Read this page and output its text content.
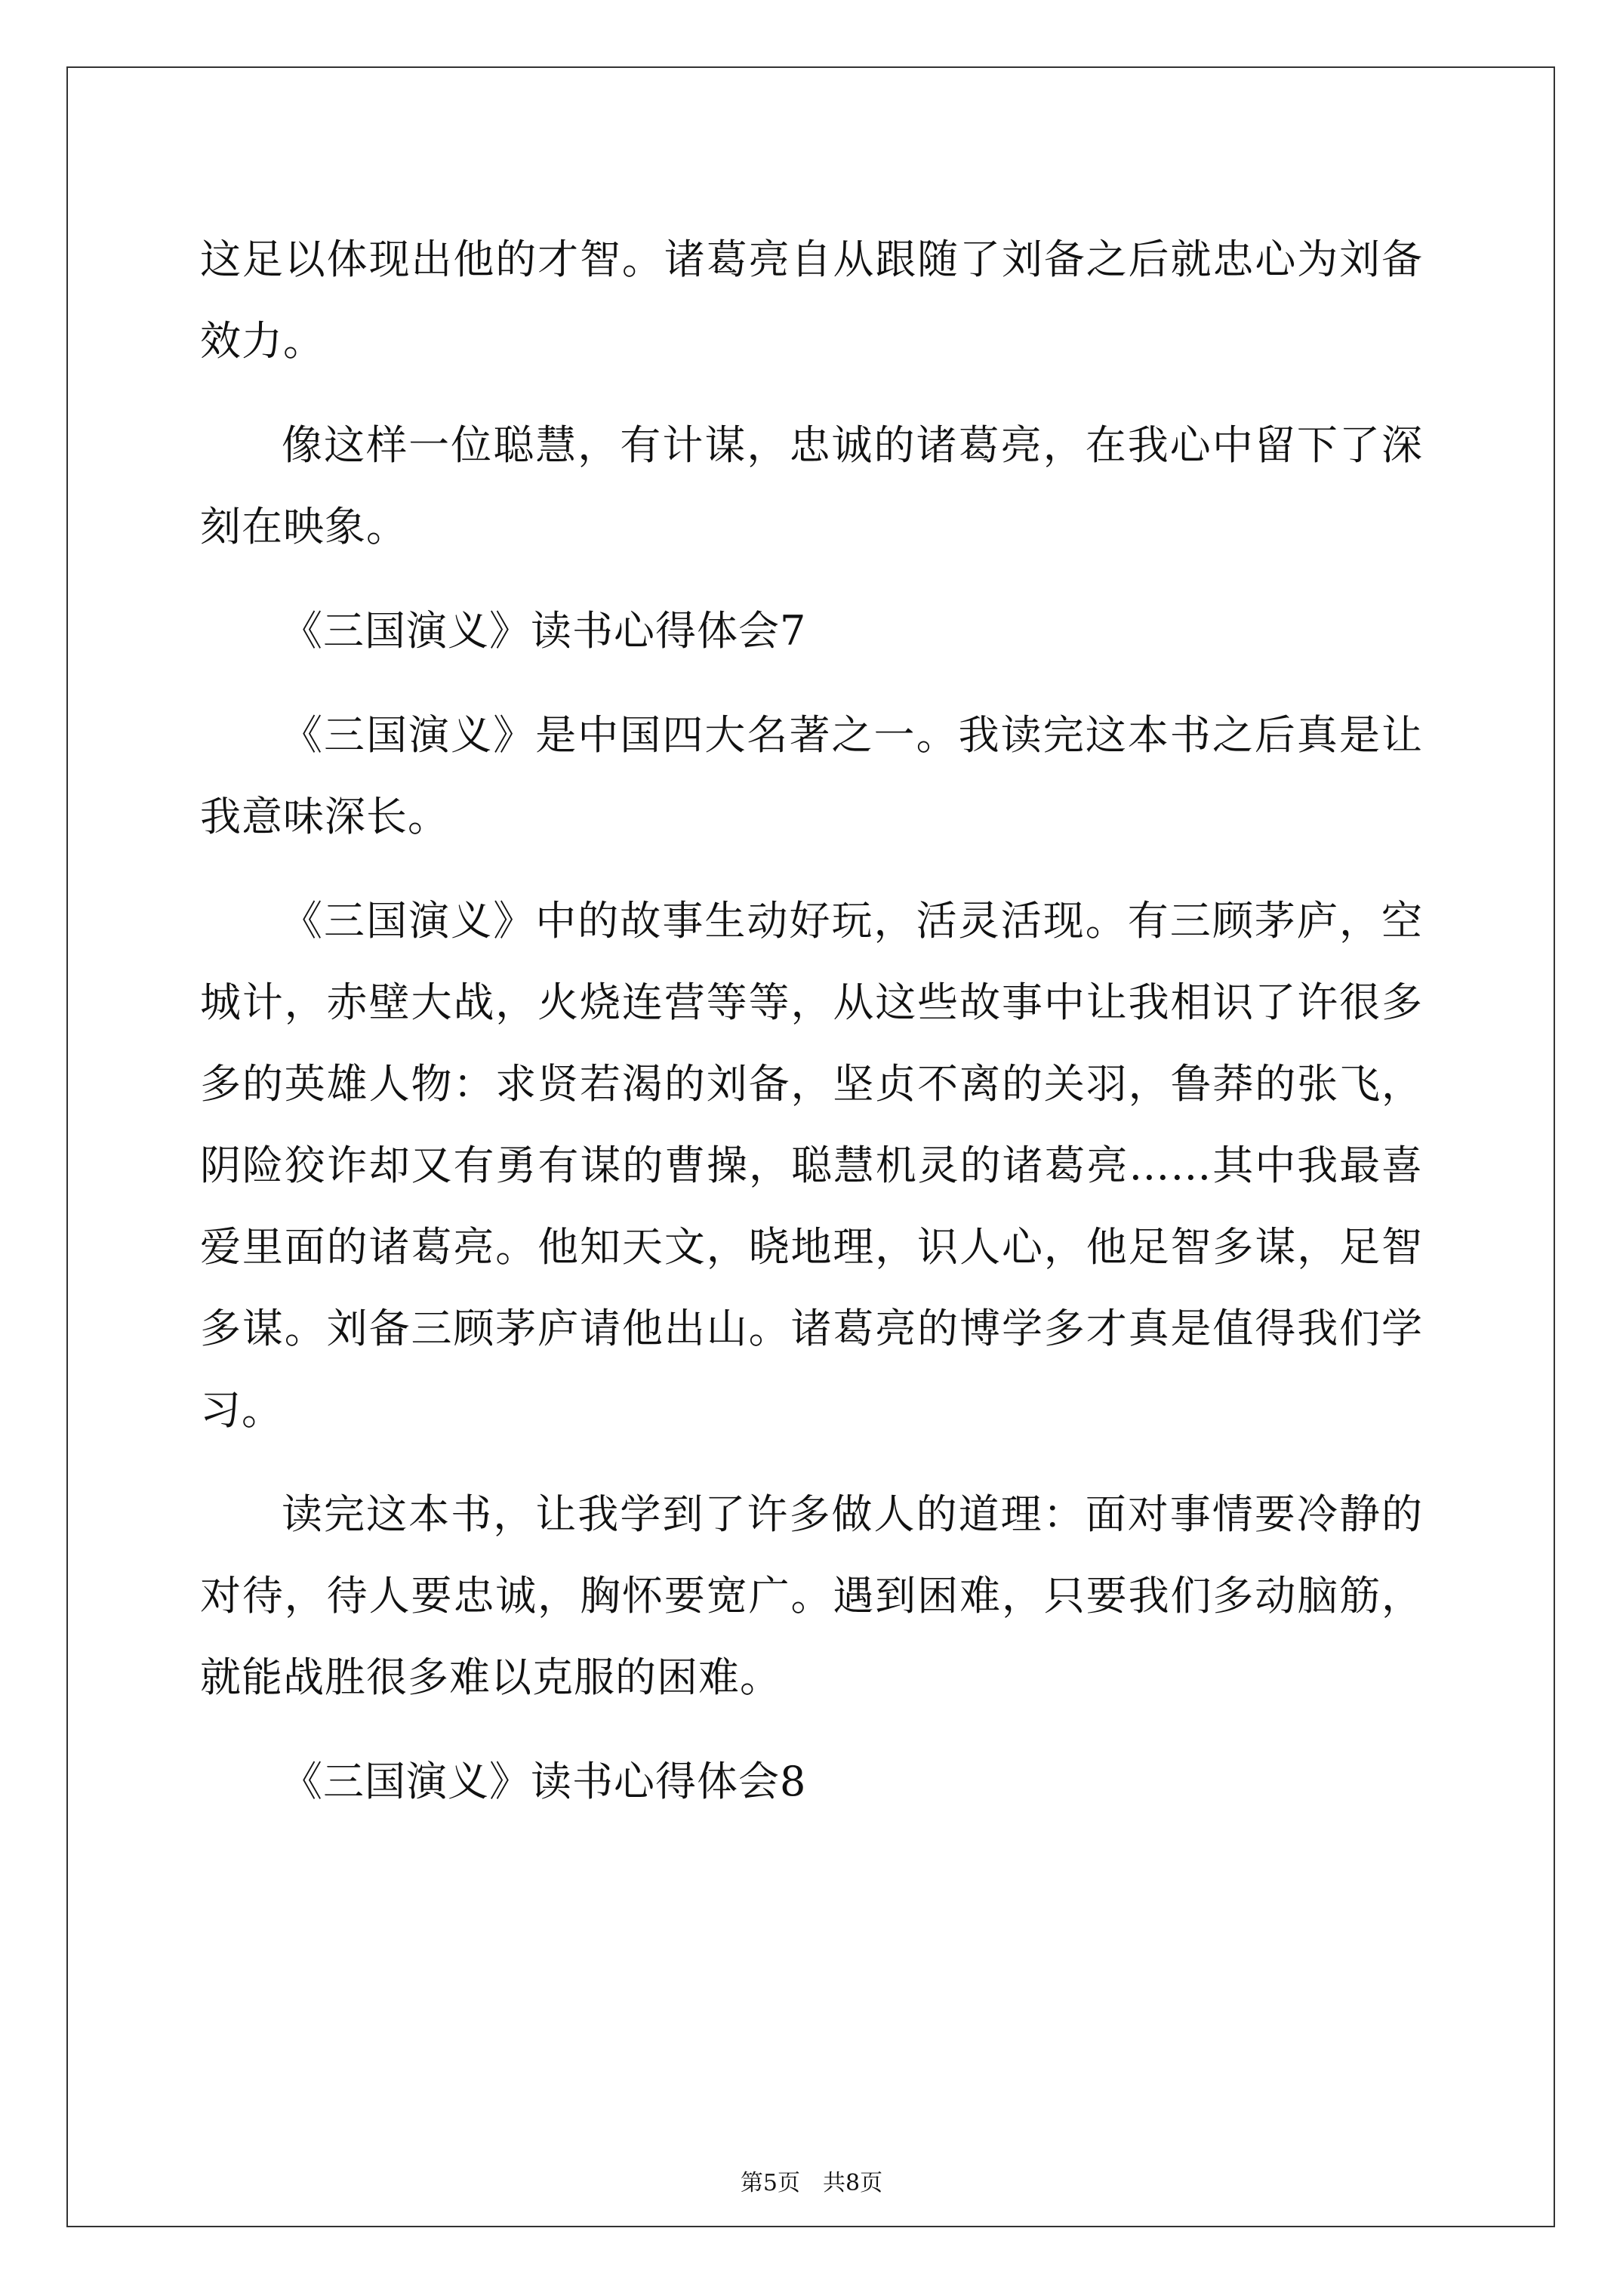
这足以体现出他的才智。诸葛亮自从跟随了刘备之后就忠心为刘备效力。

像这样一位聪慧，有计谋，忠诚的诸葛亮，在我心中留下了深刻在映象。

《三国演义》读书心得体会7

《三国演义》是中国四大名著之一。我读完这本书之后真是让我意味深长。

《三国演义》中的故事生动好玩，活灵活现。有三顾茅庐，空城计，赤壁大战，火烧连营等等，从这些故事中让我相识了许很多多的英雄人物：求贤若渴的刘备，坚贞不离的关羽，鲁莽的张飞，阴险狡诈却又有勇有谋的曹操，聪慧机灵的诸葛亮……其中我最喜爱里面的诸葛亮。他知天文，晓地理，识人心，他足智多谋，足智多谋。刘备三顾茅庐请他出山。诸葛亮的博学多才真是值得我们学习。

读完这本书，让我学到了许多做人的道理：面对事情要冷静的对待，待人要忠诚，胸怀要宽广。遇到困难，只要我们多动脑筋，就能战胜很多难以克服的困难。

《三国演义》读书心得体会8

第5页　共8页
